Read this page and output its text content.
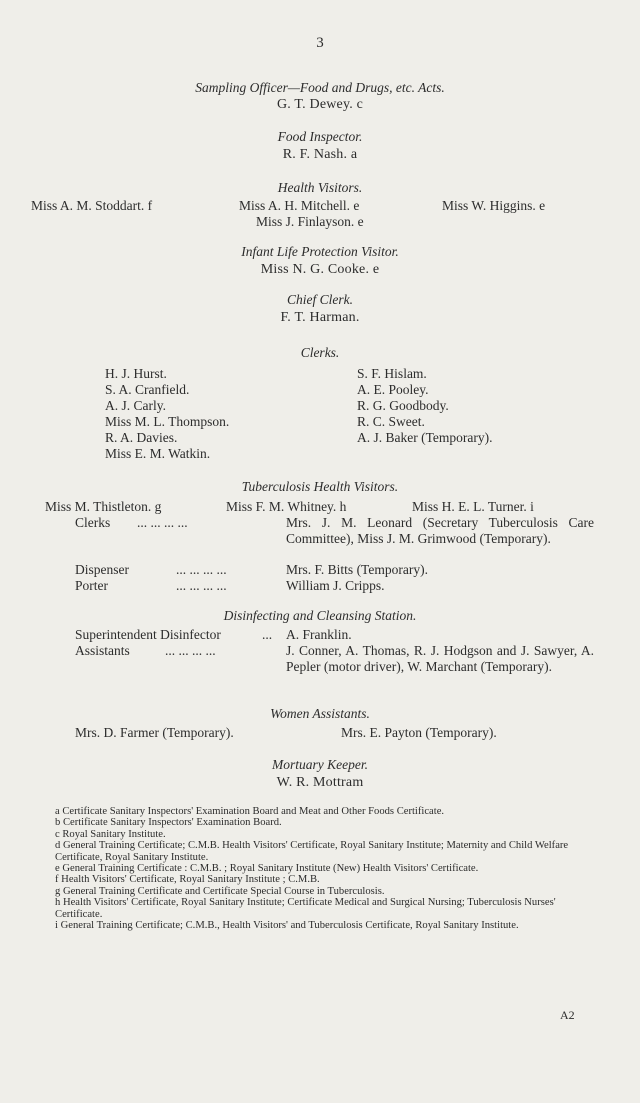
3
Sampling Officer—Food and Drugs, etc. Acts.
G. T. Dewey. c
Food Inspector.
R. F. Nash. a
Health Visitors.
Miss A. M. Stoddart. f	Miss A. H. Mitchell. e	Miss W. Higgins. e
Miss J. Finlayson. e
Infant Life Protection Visitor.
Miss N. G. Cooke. e
Chief Clerk.
F. T. Harman.
Clerks.
H. J. Hurst.
S. A. Cranfield.
A. J. Carly.
Miss M. L. Thompson.
R. A. Davies.
Miss E. M. Watkin.
S. F. Hislam.
A. E. Pooley.
R. G. Goodbody.
R. C. Sweet.
A. J. Baker (Temporary).
Tuberculosis Health Visitors.
Miss M. Thistleton. g	Miss F. M. Whitney. h	Miss H. E. L. Turner. i
Clerks ... ... ... ...	Mrs. J. M. Leonard (Secretary Tuberculosis Care Committee), Miss J. M. Grimwood (Temporary).
Dispenser	... ... ... ...	Mrs. F. Bitts (Temporary).
Porter	... ... ... ...	William J. Cripps.
Disinfecting and Cleansing Station.
Superintendent Disinfector	... A. Franklin.
Assistants	... ... ... ...	J. Conner, A. Thomas, R. J. Hodgson and J. Sawyer, A. Pepler (motor driver), W. Marchant (Temporary).
Women Assistants.
Mrs. D. Farmer (Temporary).	Mrs. E. Payton (Temporary).
Mortuary Keeper.
W. R. Mottram

a Certificate Sanitary Inspectors' Examination Board and Meat and Other Foods Certificate.

b Certificate Sanitary Inspectors' Examination Board.

c Royal Sanitary Institute.

d General Training Certificate; C.M.B. Health Visitors' Certificate, Royal Sanitary Institute; Maternity and Child Welfare Certificate, Royal Sanitary Institute.

e General Training Certificate : C.M.B. ; Royal Sanitary Institute (New) Health Visitors' Certificate.

f Health Visitors' Certificate, Royal Sanitary Institute ; C.M.B.

g General Training Certificate and Certificate Special Course in Tuberculosis.

h Health Visitors' Certificate, Royal Sanitary Institute; Certificate Medical and Surgical Nursing; Tuberculosis Nurses' Certificate.

i General Training Certificate; C.M.B., Health Visitors' and Tuberculosis Certificate, Royal Sanitary Institute.

A2
